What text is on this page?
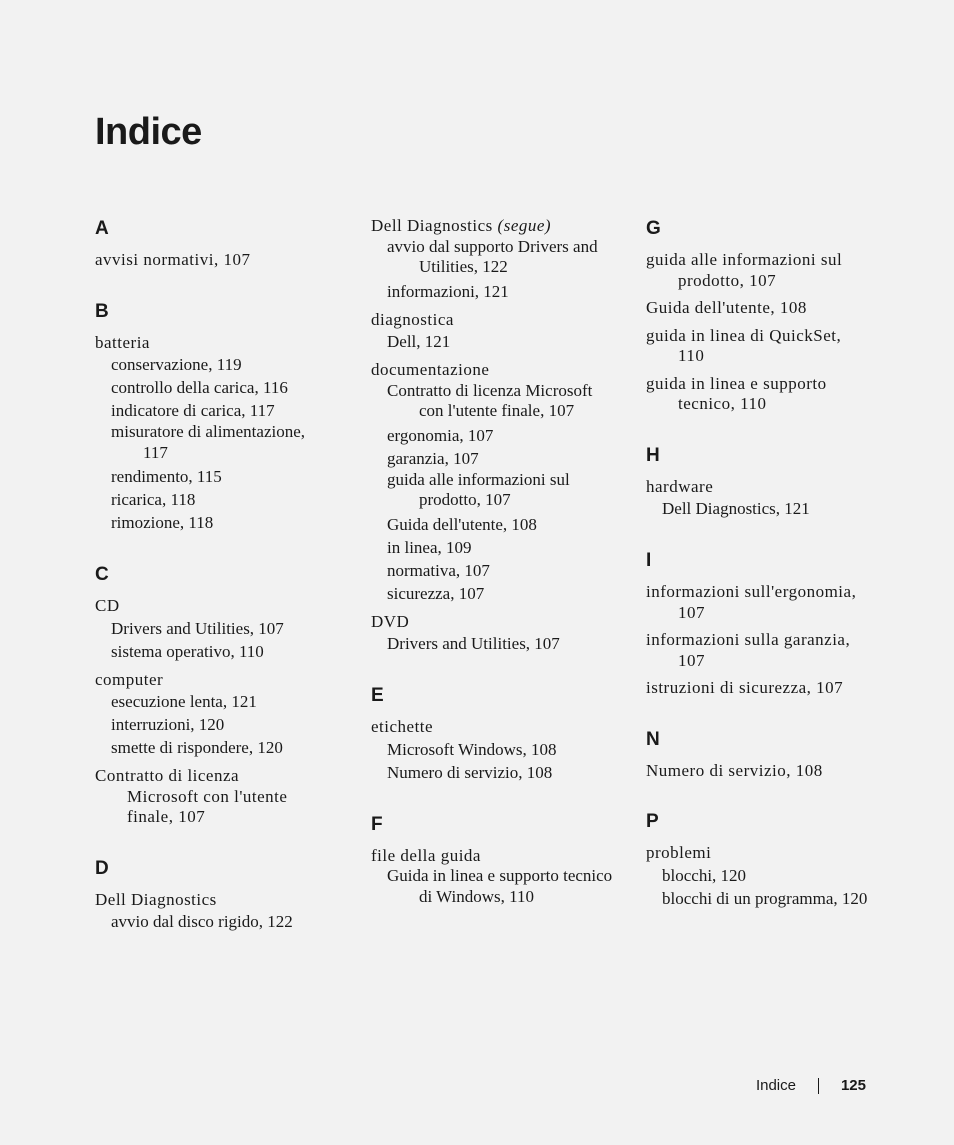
Indice
A
avvisi normativi, 107
B
batteria
conservazione, 119
controllo della carica, 116
indicatore di carica, 117
misuratore di alimentazione, 117
rendimento, 115
ricarica, 118
rimozione, 118
C
CD
Drivers and Utilities, 107
sistema operativo, 110
computer
esecuzione lenta, 121
interruzioni, 120
smette di rispondere, 120
Contratto di licenza Microsoft con l'utente finale, 107
D
Dell Diagnostics
avvio dal disco rigido, 122
Dell Diagnostics (segue)
avvio dal supporto Drivers and Utilities, 122
informazioni, 121
diagnostica
Dell, 121
documentazione
Contratto di licenza Microsoft con l'utente finale, 107
ergonomia, 107
garanzia, 107
guida alle informazioni sul prodotto, 107
Guida dell'utente, 108
in linea, 109
normativa, 107
sicurezza, 107
DVD
Drivers and Utilities, 107
E
etichette
Microsoft Windows, 108
Numero di servizio, 108
F
file della guida
Guida in linea e supporto tecnico di Windows, 110
G
guida alle informazioni sul prodotto, 107
Guida dell'utente, 108
guida in linea di QuickSet, 110
guida in linea e supporto tecnico, 110
H
hardware
Dell Diagnostics, 121
I
informazioni sull'ergonomia, 107
informazioni sulla garanzia, 107
istruzioni di sicurezza, 107
N
Numero di servizio, 108
P
problemi
blocchi, 120
blocchi di un programma, 120
Indice	125
